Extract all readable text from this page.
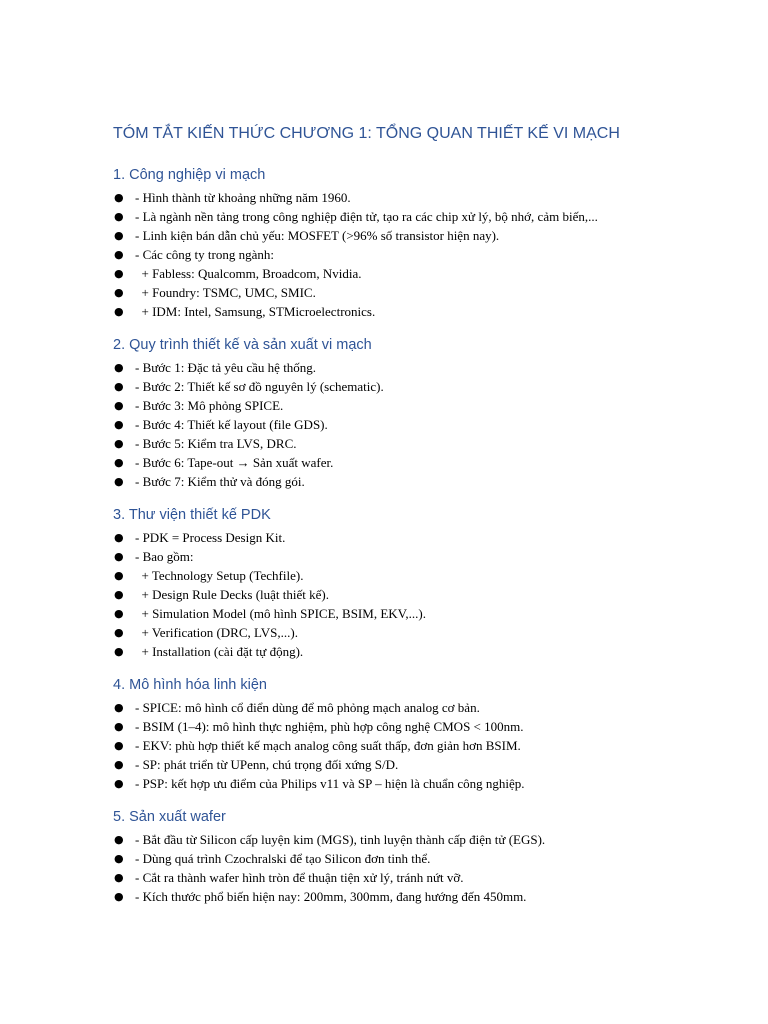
TÓM TẮT KIẾN THỨC CHƯƠNG 1: TỔNG QUAN THIẾT KẾ VI MẠCH
1. Công nghiệp vi mạch
● - Hình thành từ khoảng những năm 1960.
● - Là ngành nền tảng trong công nghiệp điện tử, tạo ra các chip xử lý, bộ nhớ, cảm biến,...
● - Linh kiện bán dẫn chủ yếu: MOSFET (>96% số transistor hiện nay).
● - Các công ty trong ngành:
● + Fabless: Qualcomm, Broadcom, Nvidia.
● + Foundry: TSMC, UMC, SMIC.
● + IDM: Intel, Samsung, STMicroelectronics.
2. Quy trình thiết kế và sản xuất vi mạch
● - Bước 1: Đặc tả yêu cầu hệ thống.
● - Bước 2: Thiết kế sơ đồ nguyên lý (schematic).
● - Bước 3: Mô phỏng SPICE.
● - Bước 4: Thiết kế layout (file GDS).
● - Bước 5: Kiểm tra LVS, DRC.
● - Bước 6: Tape-out → Sản xuất wafer.
● - Bước 7: Kiểm thử và đóng gói.
3. Thư viện thiết kế PDK
● - PDK = Process Design Kit.
● - Bao gồm:
● + Technology Setup (Techfile).
● + Design Rule Decks (luật thiết kế).
● + Simulation Model (mô hình SPICE, BSIM, EKV,...).
● + Verification (DRC, LVS,...).
● + Installation (cài đặt tự động).
4. Mô hình hóa linh kiện
● - SPICE: mô hình cổ điển dùng để mô phỏng mạch analog cơ bản.
● - BSIM (1–4): mô hình thực nghiệm, phù hợp công nghệ CMOS < 100nm.
● - EKV: phù hợp thiết kế mạch analog công suất thấp, đơn giản hơn BSIM.
● - SP: phát triển từ UPenn, chú trọng đối xứng S/D.
● - PSP: kết hợp ưu điểm của Philips v11 và SP – hiện là chuẩn công nghiệp.
5. Sản xuất wafer
● - Bắt đầu từ Silicon cấp luyện kim (MGS), tinh luyện thành cấp điện tử (EGS).
● - Dùng quá trình Czochralski để tạo Silicon đơn tinh thể.
● - Cắt ra thành wafer hình tròn để thuận tiện xử lý, tránh nứt vỡ.
● - Kích thước phổ biến hiện nay: 200mm, 300mm, đang hướng đến 450mm.
